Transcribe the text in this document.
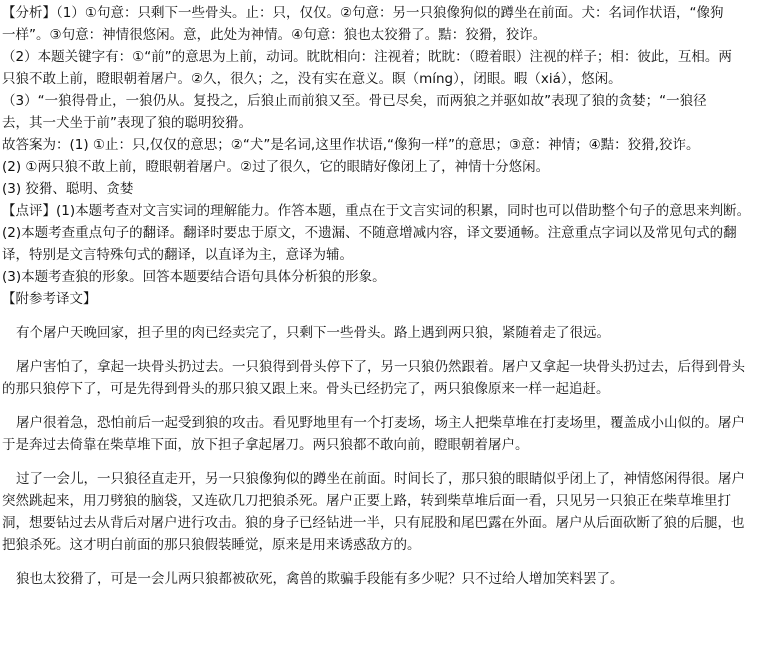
【分析】（1）①句意：只剩下一些骨头。止：只，仅仅。②句意：另一只狼像狗似的蹲坐在前面。犬：名词作状语，“像狗
一样”。③句意：神情很悠闲。意，此处为神情。④句意：狼也太狡猾了。黠：狡猾，狡诈。
（2）本题关键字有：①“前”的意思为上前，动词。眈眈相向：注视着；眈眈：（瞪着眼）注视的样子；相：彼此，互相。两
只狼不敢上前，瞪眼朝着屠户。②久，很久；之，没有实在意义。瞑（míng），闭眼。暇（xiá），悠闲。
（3）“一狼得骨止，一狼仍从。复投之，后狼止而前狼又至。骨已尽矣，而两狼之并驱如故”表现了狼的贪婪；“一狼径
去，其一犬坐于前”表现了狼的聪明狡猾。
故答案为：(1) ①止：只,仅仅的意思；②“犬”是名词,这里作状语,“像狗一样”的意思；③意：神情；④黠：狡猾,狡诈。
(2) ①两只狼不敢上前，瞪眼朝着屠户。②过了很久，它的眼睛好像闭上了，神情十分悠闲。
(3) 狡猾、聪明、贪婪
【点评】(1)本题考查对文言实词的理解能力。作答本题，重点在于文言实词的积累，同时也可以借助整个句子的意思来判断。
(2)本题考查重点句子的翻译。翻译时要忠于原文，不遗漏、不随意增减内容，译文要通畅。注意重点字词以及常见句式的翻
译，特别是文言特殊句式的翻译，以直译为主，意译为辅。
(3)本题考查狼的形象。回答本题要结合语句具体分析狼的形象。
【附参考译文】
有个屠户天晚回家，担子里的肉已经卖完了，只剩下一些骨头。路上遇到两只狼，紧随着走了很远。
屠户害怕了，拿起一块骨头扔过去。一只狼得到骨头停下了，另一只狼仍然跟着。屠户又拿起一块骨头扔过去，后得到骨头
的那只狼停下了，可是先得到骨头的那只狼又跟上来。骨头已经扔完了，两只狼像原来一样一起追赶。
屠户很着急，恐怕前后一起受到狼的攻击。看见野地里有一个打麦场，场主人把柴草堆在打麦场里，覆盖成小山似的。屠户
于是奔过去倚靠在柴草堆下面，放下担子拿起屠刀。两只狼都不敢向前，瞪眼朝着屠户。
过了一会儿，一只狼径直走开，另一只狼像狗似的蹲坐在前面。时间长了，那只狼的眼睛似乎闭上了，神情悠闲得很。屠户
突然跳起来，用刀劈狼的脑袋，又连砍几刀把狼杀死。屠户正要上路，转到柴草堆后面一看，只见另一只狼正在柴草堆里打
洞，想要钻过去从背后对屠户进行攻击。狼的身子已经钻进一半，只有屁股和尾巴露在外面。屠户从后面砍断了狼的后腿，也
把狼杀死。这才明白前面的那只狼假装睡觉，原来是用来诱惑敌方的。
狼也太狡猾了，可是一会儿两只狼都被砍死，禽兽的欺骗手段能有多少呢？只不过给人增加笑料罢了。
